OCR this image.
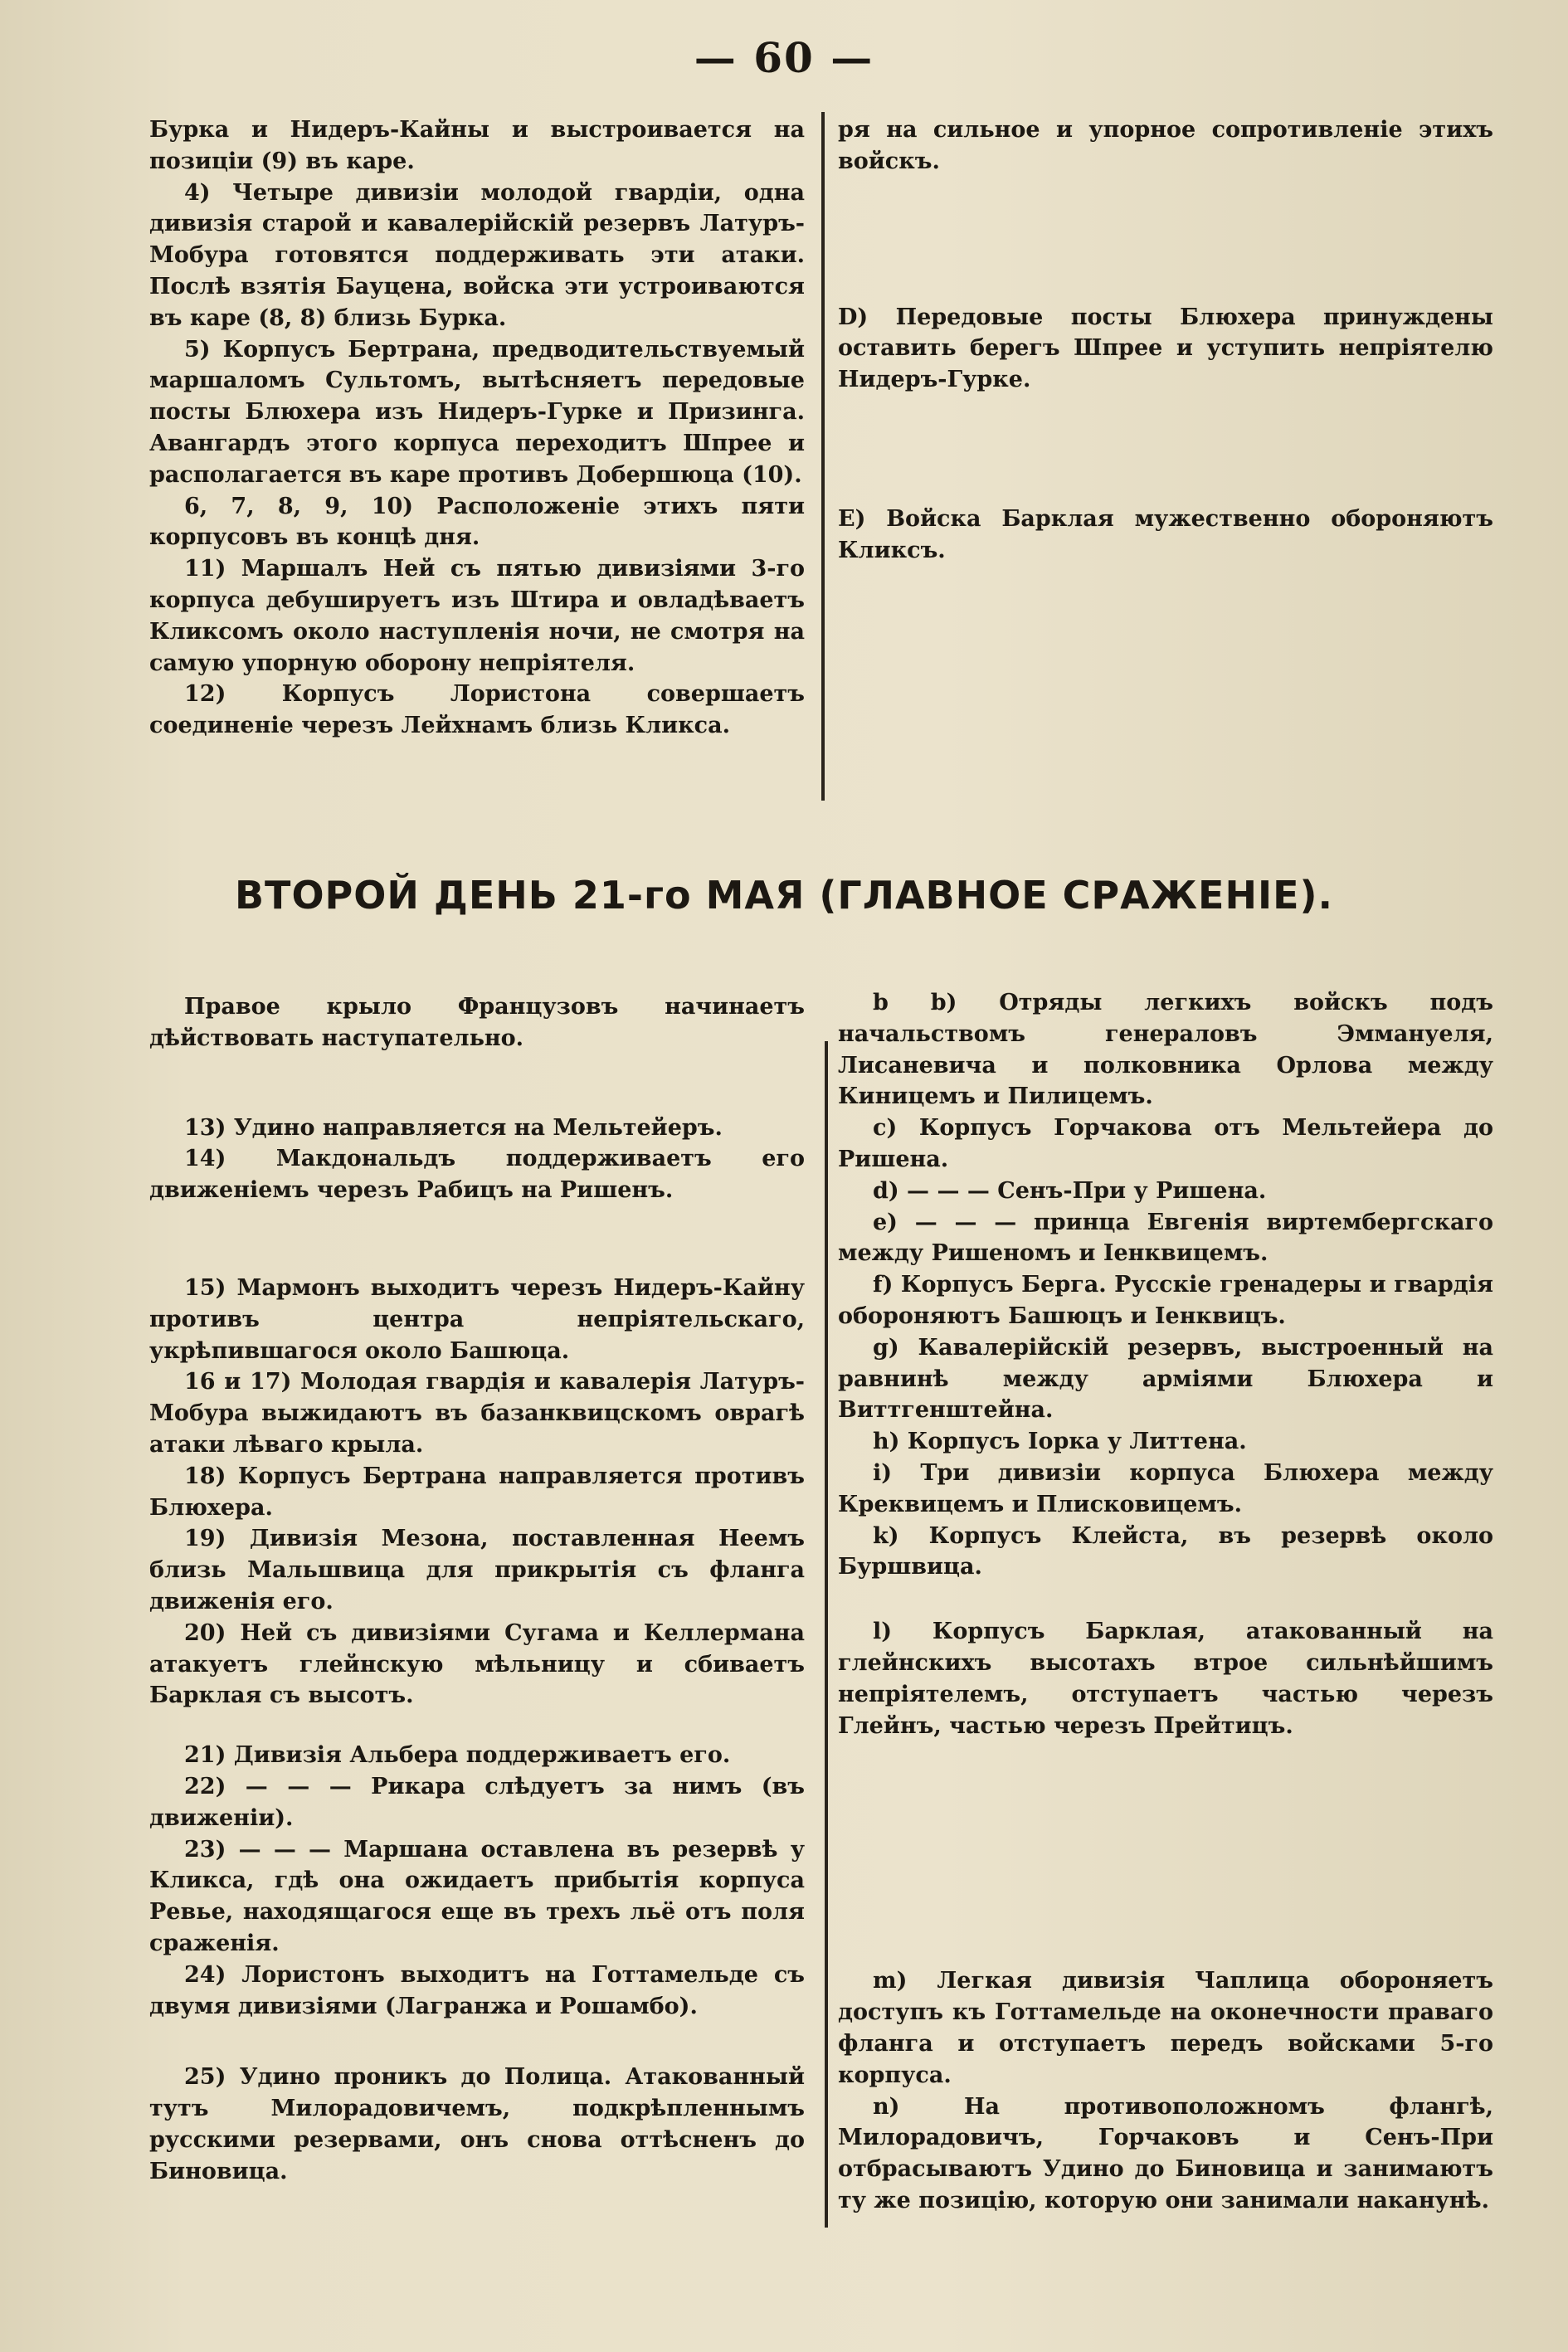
— 60 —

Бурка и Нидеръ-Кайны и выстроивается на позиціи (9) въ каре.

4) Четыре дивизіи молодой гвардіи, одна дивизія старой и кавалерійскій резервъ Латуръ-Мобура готовятся поддерживать эти атаки. Послѣ взятія Бауцена, войска эти устроиваются въ каре (8, 8) близь Бурка.

5) Корпусъ Бертрана, предводительствуемый маршаломъ Сультомъ, вытѣсняетъ передовые посты Блюхера изъ Нидеръ-Гурке и Призинга. Авангардъ этого корпуса переходитъ Шпрее и располагается въ каре противъ Добершюца (10).

6, 7, 8, 9, 10) Расположеніе этихъ пяти корпусовъ въ концѣ дня.

11) Маршалъ Ней съ пятью дивизіями 3-го корпуса дебушируетъ изъ Штира и овладѣваетъ Кликсомъ около наступленія ночи, не смотря на самую упорную оборону непріятеля.

12) Корпусъ Лористона совершаетъ соединеніе черезъ Лейхнамъ близь Кликса.

ря на сильное и упорное сопротивленіе этихъ войскъ.

D) Передовые посты Блюхера принуждены оставить берегъ Шпрее и уступить непріятелю Нидеръ-Гурке.

E) Войска Барклая мужественно обороняютъ Кликсъ.

ВТОРОЙ ДЕНЬ 21-го МАЯ (ГЛАВНОЕ СРАЖЕНІЕ).

Правое крыло Французовъ начинаетъ дѣйствовать наступательно.

13) Удино направляется на Мельтейеръ.

14) Макдональдъ поддерживаетъ его движеніемъ черезъ Рабицъ на Ришенъ.

15) Мармонъ выходитъ черезъ Нидеръ-Кайну противъ центра непріятельскаго, укрѣпившагося около Башюца.

16 и 17) Молодая гвардія и кавалерія Латуръ-Мобура выжидаютъ въ базанквицскомъ оврагѣ атаки лѣваго крыла.

18) Корпусъ Бертрана направляется противъ Блюхера.

19) Дивизія Мезона, поставленная Неемъ близь Мальшвица для прикрытія съ фланга движенія его.

20) Ней съ дивизіями Сугама и Келлермана атакуетъ глейнскую мѣльницу и сбиваетъ Барклая съ высотъ.

21) Дивизія Альбера поддерживаетъ его.

22) — — — Рикара слѣдуетъ за нимъ (въ движеніи).

23) — — — Маршана оставлена въ резервѣ у Кликса, гдѣ она ожидаетъ прибытія корпуса Ревье, находящагося еще въ трехъ льё отъ поля сраженія.

24) Лористонъ выходитъ на Готтамельде съ двумя дивизіями (Лагранжа и Рошамбо).

25) Удино проникъ до Полица. Атакованный тутъ Милорадовичемъ, подкрѣпленнымъ русскими резервами, онъ снова оттѣсненъ до Биновица.

b b) Отряды легкихъ войскъ подъ начальствомъ генераловъ Эммануеля, Лисаневича и полковника Орлова между Киницемъ и Пилицемъ.

c) Корпусъ Горчакова отъ Мельтейера до Ришена.

d) — — — Сенъ-При у Ришена.

e) — — — принца Евгенія виртембергскаго между Ришеномъ и Іенквицемъ.

f) Корпусъ Берга. Русскіе гренадеры и гвардія обороняютъ Башюцъ и Іенквицъ.

g) Кавалерійскій резервъ, выстроенный на равнинѣ между арміями Блюхера и Виттгенштейна.

h) Корпусъ Іорка у Литтена.

i) Три дивизіи корпуса Блюхера между Креквицемъ и Плисковицемъ.

k) Корпусъ Клейста, въ резервѣ около Буршвица.

l) Корпусъ Барклая, атакованный на глейнскихъ высотахъ втрое сильнѣйшимъ непріятелемъ, отступаетъ частью черезъ Глейнъ, частью черезъ Прейтицъ.

m) Легкая дивизія Чаплица обороняетъ доступъ къ Готтамельде на оконечности праваго фланга и отступаетъ передъ войсками 5-го корпуса.

n) На противоположномъ флангѣ, Милорадовичъ, Горчаковъ и Сенъ-При отбрасываютъ Удино до Биновица и занимаютъ ту же позицію, которую они занимали наканунѣ.
